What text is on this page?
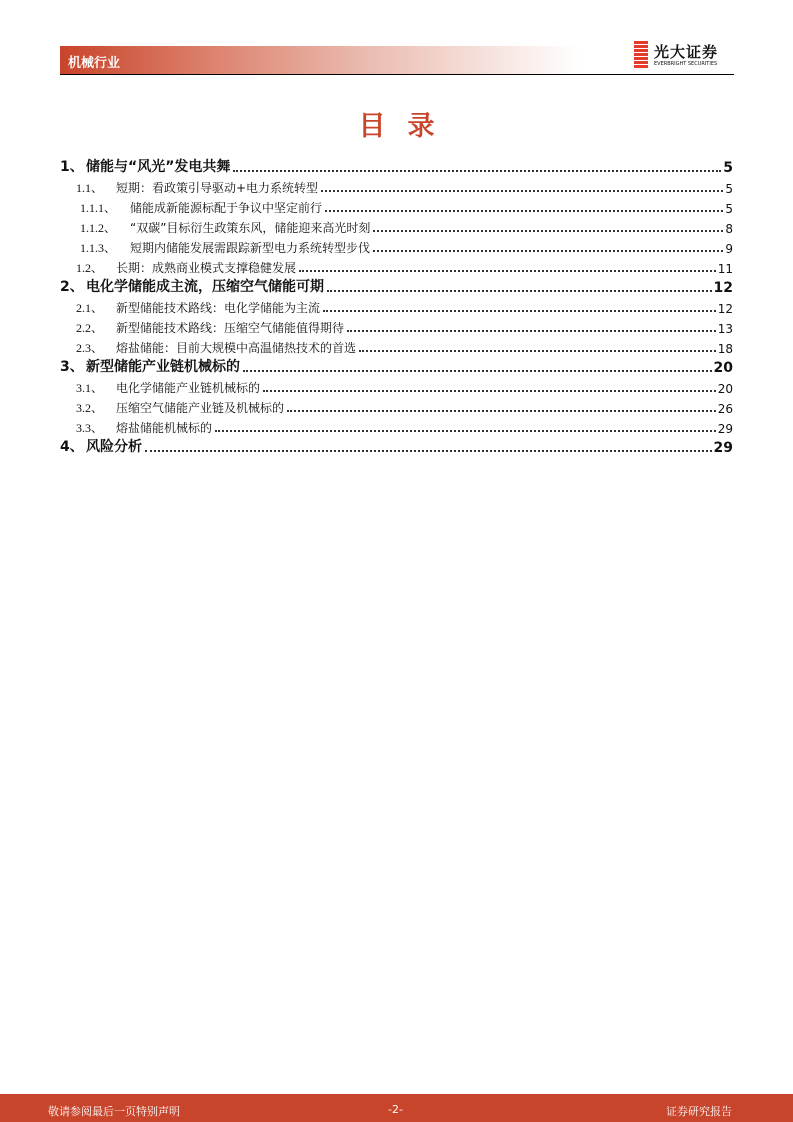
机械行业
光大证券
EVERBRIGHT SECURITIES
目录
1、 储能与“风光”发电共舞	5
1.1、	短期：看政策引导驱动+电力系统转型	5
1.1.1、	储能成新能源标配于争议中坚定前行	5
1.1.2、	“双碳”目标衍生政策东风，储能迎来高光时刻	8
1.1.3、	短期内储能发展需跟踪新型电力系统转型步伐	9
1.2、	长期：成熟商业模式支撑稳健发展	11
2、 电化学储能成主流，压缩空气储能可期	12
2.1、	新型储能技术路线：电化学储能为主流	12
2.2、	新型储能技术路线：压缩空气储能值得期待	13
2.3、	熔盐储能：目前大规模中高温储热技术的首选	18
3、 新型储能产业链机械标的	20
3.1、	电化学储能产业链机械标的	20
3.2、	压缩空气储能产业链及机械标的	26
3.3、	熔盐储能机械标的	29
4、 风险分析	29
敬请参阅最后一页特别声明	-2-	证券研究报告
